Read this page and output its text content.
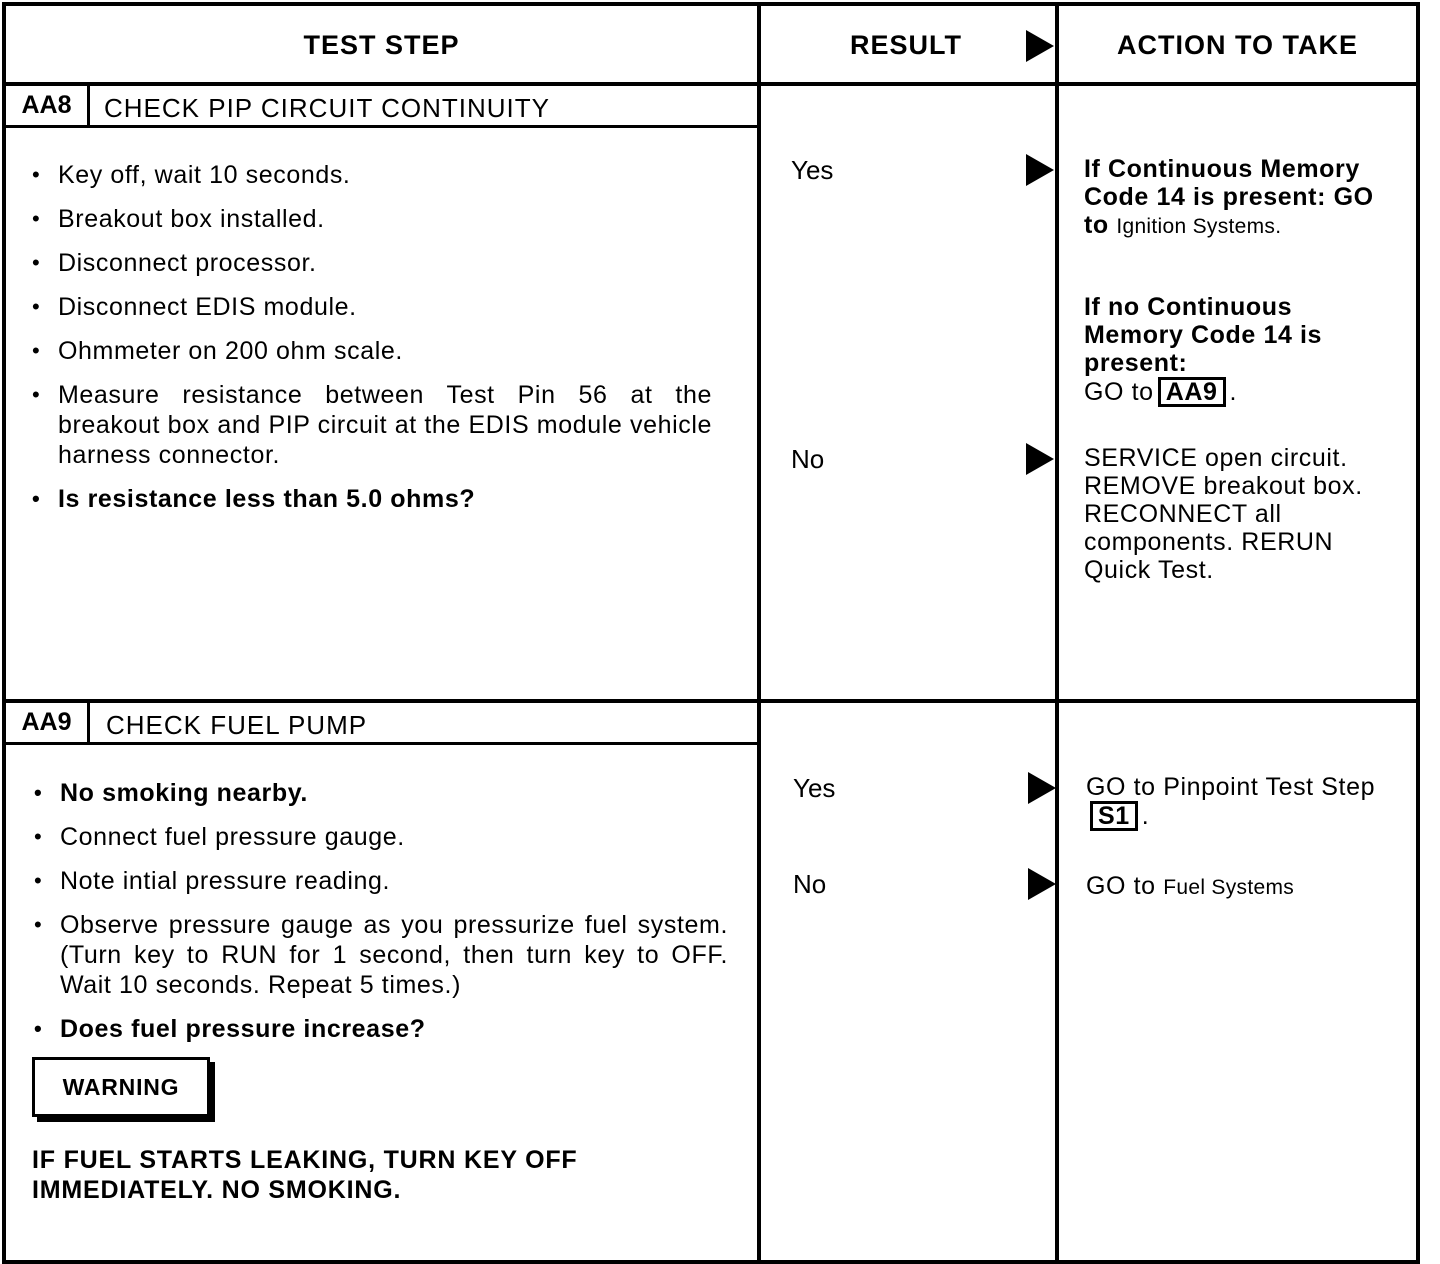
TEST STEP	RESULT	ACTION TO TAKE
AA8	CHECK PIP CIRCUIT CONTINUITY
• Key off, wait 10 seconds.
• Breakout box installed.
• Disconnect processor.
• Disconnect EDIS module.
• Ohmmeter on 200 ohm scale.
• Measure resistance between Test Pin 56 at the breakout box and PIP circuit at the EDIS module vehicle harness connector.
• Is resistance less than 5.0 ohms?
Yes	If Continuous Memory Code 14 is present: GO to Ignition Systems.
If no Continuous Memory Code 14 is present:
GO to AA9 .
No	SERVICE open circuit. REMOVE breakout box. RECONNECT all components. RERUN Quick Test.
AA9	CHECK FUEL PUMP
• No smoking nearby.
• Connect fuel pressure gauge.
• Note intial pressure reading.
• Observe pressure gauge as you pressurize fuel system. (Turn key to RUN for 1 second, then turn key to OFF. Wait 10 seconds. Repeat 5 times.)
• Does fuel pressure increase?
WARNING
IF FUEL STARTS LEAKING, TURN KEY OFF IMMEDIATELY. NO SMOKING.
Yes	GO to Pinpoint Test StepS1 .
No	GO to Fuel Systems
